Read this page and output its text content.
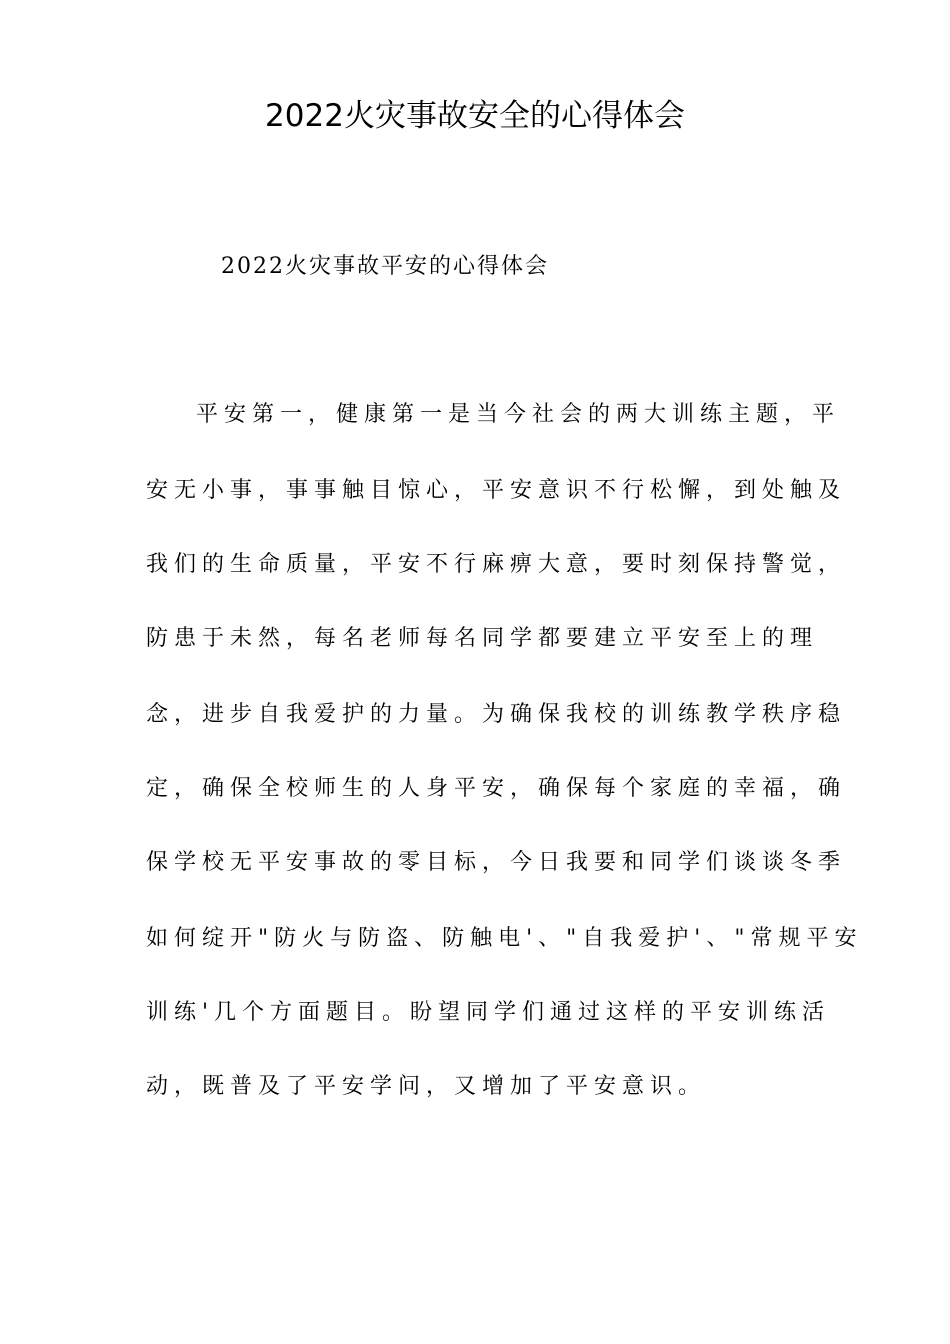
2022火灾事故安全的心得体会

2022火灾事故平安的心得体会

平安第一，健康第一是当今社会的两大训练主题，平

安无小事，事事触目惊心，平安意识不行松懈，到处触及

我们的生命质量，平安不行麻痹大意，要时刻保持警觉，

防患于未然，每名老师每名同学都要建立平安至上的理

念，进步自我爱护的力量。为确保我校的训练教学秩序稳

定，确保全校师生的人身平安，确保每个家庭的幸福，确

保学校无平安事故的零目标，今日我要和同学们谈谈冬季

如何绽开"防火与防盗、防触电'、"自我爱护'、"常规平安

训练'几个方面题目。盼望同学们通过这样的平安训练活

动，既普及了平安学问，又增加了平安意识。
